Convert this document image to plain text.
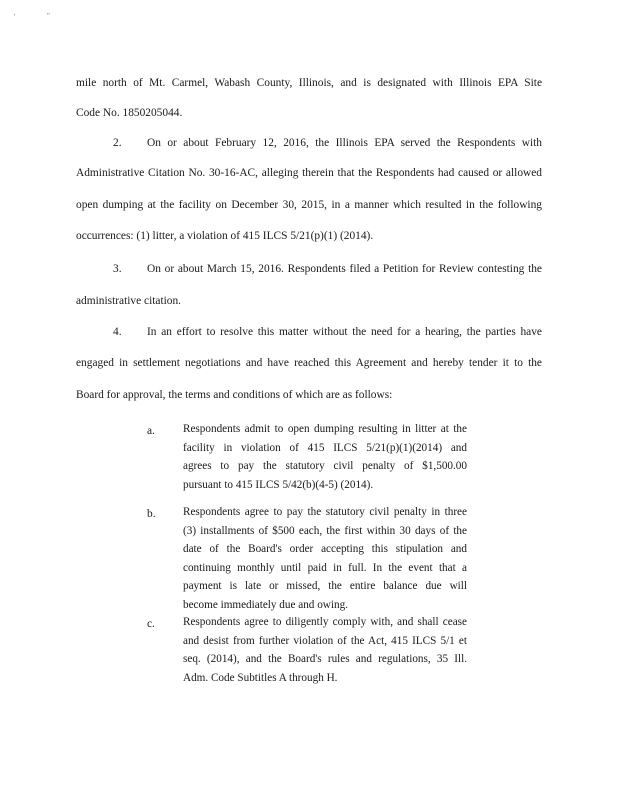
'	"
mile north of Mt. Carmel, Wabash County, Illinois, and is designated with Illinois EPA Site
Code No. 1850205044.
2. On or about February 12, 2016, the Illinois EPA served the Respondents with
Administrative Citation No. 30-16-AC, alleging therein that the Respondents had caused or allowed
open dumping at the facility on December 30, 2015, in a manner which resulted in the following
occurrences: (1) litter, a violation of 415 ILCS 5/21(p)(1) (2014).
3. On or about March 15, 2016. Respondents filed a Petition for Review contesting the
administrative citation.
4. In an effort to resolve this matter without the need for a hearing, the parties have
engaged in settlement negotiations and have reached this Agreement and hereby tender it to the
Board for approval, the terms and conditions of which are as follows:
a.	Respondents admit to open dumping resulting in litter at the
facility in violation of 415 ILCS 5/21(p)(1)(2014) and
agrees to pay the statutory civil penalty of $1,500.00
pursuant to 415 ILCS 5/42(b)(4-5) (2014).
b. Respondents agree to pay the statutory civil penalty in three
(3) installments of $500 each, the first within 30 days of the
date of the Board's order accepting this stipulation and
continuing monthly until paid in full. In the event that a
payment is late or missed, the entire balance due will
become immediately due and owing.
c.	Respondents agree to diligently comply with, and shall cease
and desist from further violation of the Act, 415 ILCS 5/1 et
seq. (2014), and the Board's rules and regulations, 35 Ill.
Adm. Code Subtitles A through H.
